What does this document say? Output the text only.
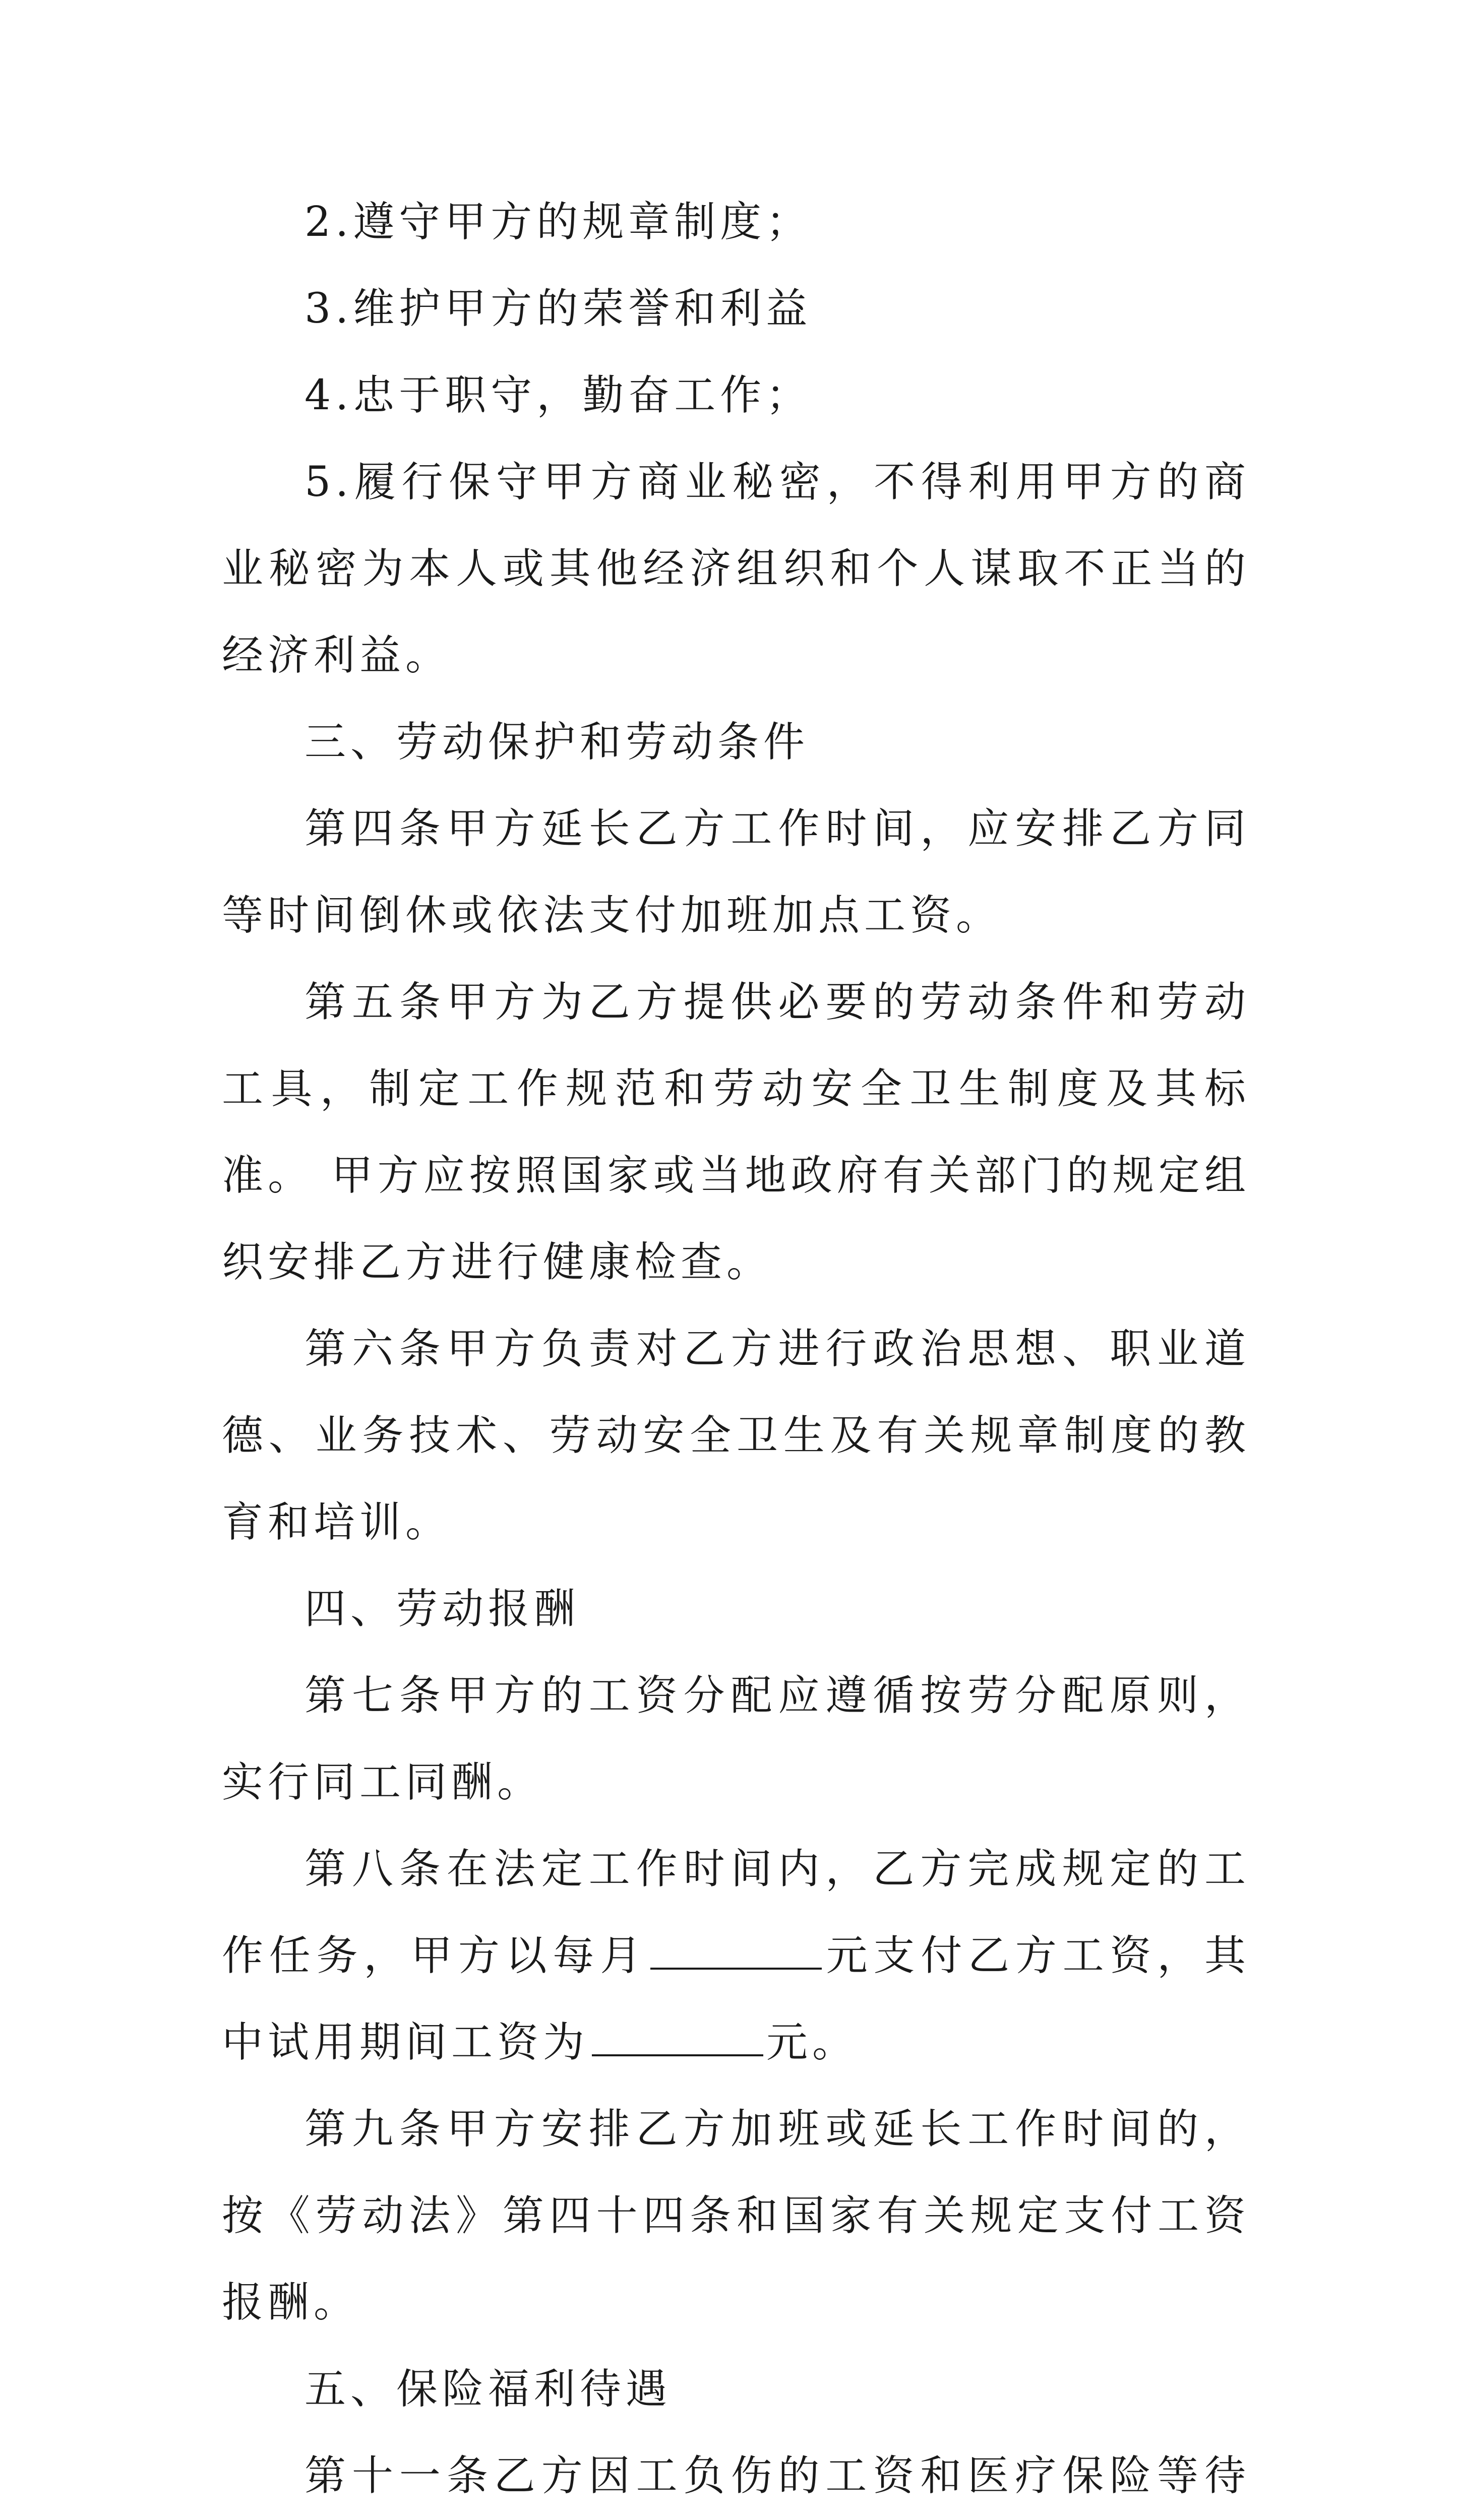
2.遵守甲方的规章制度；

3.维护甲方的荣誉和利益

4.忠于职守，勤奋工作；

5.履行保守甲方商业秘密，不得利用甲方的商业秘密为本人或其他经济组织和个人谋取不正当的经济利益。

三、劳动保护和劳动条件

第四条甲方延长乙方工作时间，应安排乙方同等时间倒休或依法支付加班加点工资。

第五条甲方为乙方提供必要的劳动条件和劳动工具，制定工作规范和劳动安全卫生制度及其标准。 甲方应按照国家或当地政府有关部门的规定组织安排乙方进行健康检查。

第六条甲方负责对乙方进行政治思想、职业道德、业务技术、劳动安全卫生及有关规章制度的教育和培训。

四、劳动报酬

第七条甲方的工资分配应遵循按劳分配原则，实行同工同酬。

第八条在法定工作时间内，乙方完成规定的工作任务，甲方以每月	元支付乙方工资，其中试用期间工资为	元。

第九条甲方安排乙方加班或延长工作时间的，按《劳动法》第四十四条和国家有关规定支付工资报酬。

五、保险福利待遇

第十一条乙方因工负伤的工资和医疗保险等待
